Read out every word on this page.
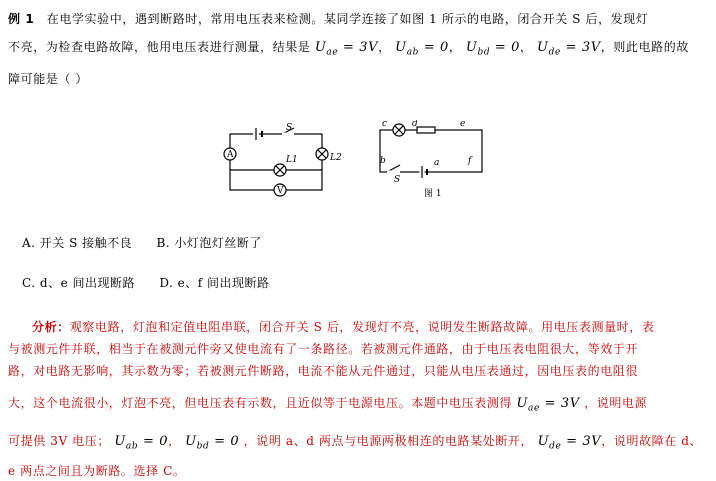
例 1 在电学实验中，遇到断路时，常用电压表来检测。某同学连接了如图 1 所示的电路，闭合开关 S 后，发现灯
不亮，为检查电路故障，他用电压表进行测量，结果是 $U_{ae} = 3V$， $U_{ab} = 0$， $U_{bd} = 0$， $U_{de} = 3V$，则此电路的故
障可能是（ ）
A
V
S
L1	L2
c	d	e
b	a	f
S
图 1
A. 开关 S 接触不良 B. 小灯泡灯丝断了
C. d、e 间出现断路 D. e、f 间出现断路
分析：观察电路，灯泡和定值电阻串联，闭合开关 S 后，发现灯不亮，说明发生断路故障。用电压表测量时，表
与被测元件并联，相当于在被测元件旁又使电流有了一条路径。若被测元件通路，由于电压表电阻很大，等效于开
路，对电路无影响，其示数为零；若被测元件断路，电流不能从元件通过，只能从电压表通过，因电压表的电阻很
大，这个电流很小，灯泡不亮，但电压表有示数，且近似等于电源电压。本题中电压表测得 $U_{ae} = 3V$ ，说明电源
可提供 3V 电压； $U_{ab} = 0$， $U_{bd} = 0$ ，说明 a、d 两点与电源两极相连的电路某处断开， $U_{de} = 3V$，说明故障在 d、
e 两点之间且为断路。选择 C。
